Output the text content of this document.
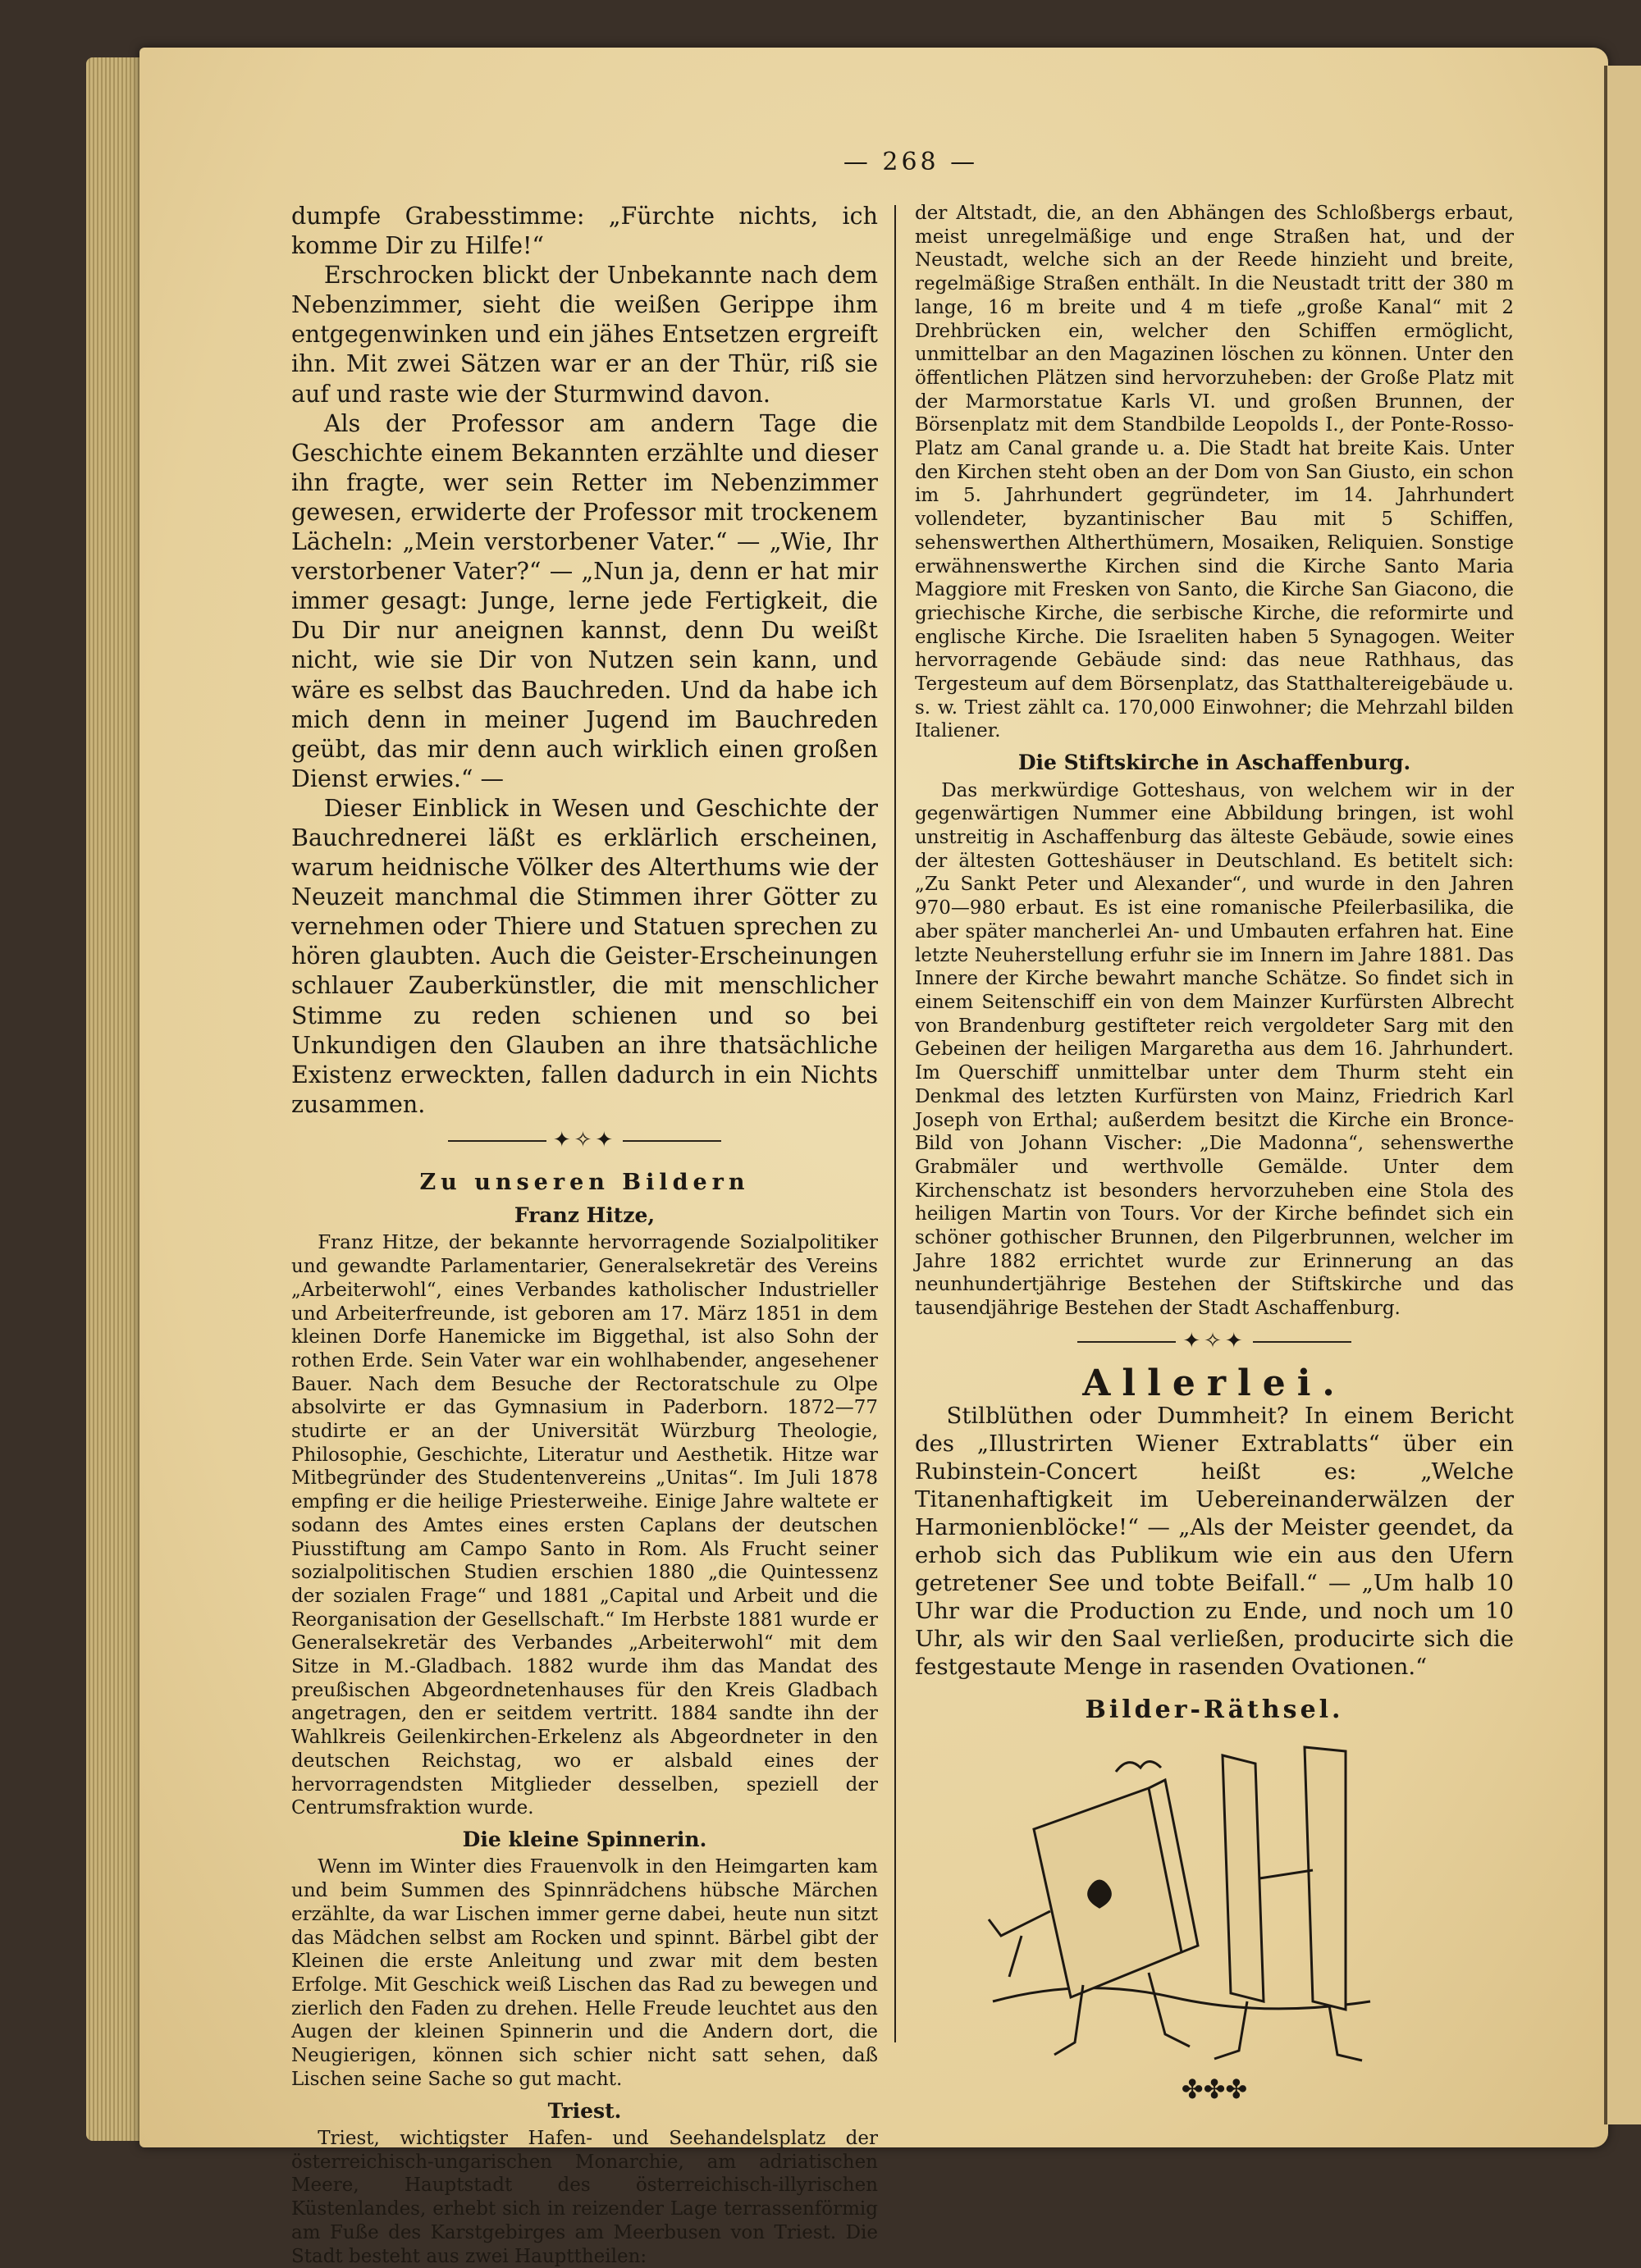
— 268 —

dumpfe Grabesstimme: „Fürchte nichts, ich komme Dir zu Hilfe!“

Erschrocken blickt der Unbekannte nach dem Nebenzimmer, sieht die weißen Gerippe ihm entgegenwinken und ein jähes Entsetzen ergreift ihn. Mit zwei Sätzen war er an der Thür, riß sie auf und raste wie der Sturmwind davon.

Als der Professor am andern Tage die Geschichte einem Bekannten erzählte und dieser ihn fragte, wer sein Retter im Nebenzimmer gewesen, erwiderte der Professor mit trockenem Lächeln: „Mein verstorbener Vater.“ — „Wie, Ihr verstorbener Vater?“ — „Nun ja, denn er hat mir immer gesagt: Junge, lerne jede Fertigkeit, die Du Dir nur aneignen kannst, denn Du weißt nicht, wie sie Dir von Nutzen sein kann, und wäre es selbst das Bauchreden. Und da habe ich mich denn in meiner Jugend im Bauchreden geübt, das mir denn auch wirklich einen großen Dienst erwies.“ —

Dieser Einblick in Wesen und Geschichte der Bauchrednerei läßt es erklärlich erscheinen, warum heidnische Völker des Alterthums wie der Neuzeit manchmal die Stimmen ihrer Götter zu vernehmen oder Thiere und Statuen sprechen zu hören glaubten. Auch die Geister-Erscheinungen schlauer Zauberkünstler, die mit menschlicher Stimme zu reden schienen und so bei Unkundigen den Glauben an ihre thatsächliche Existenz erweckten, fallen dadurch in ein Nichts zusammen.

✦✧✦
Zu unseren Bildern
Franz Hitze,

Franz Hitze, der bekannte hervorragende Sozialpolitiker und gewandte Parlamentarier, Generalsekretär des Vereins „Arbeiterwohl“, eines Verbandes katholischer Industrieller und Arbeiterfreunde, ist geboren am 17. März 1851 in dem kleinen Dorfe Hanemicke im Biggethal, ist also Sohn der rothen Erde. Sein Vater war ein wohlhabender, angesehener Bauer. Nach dem Besuche der Rectoratschule zu Olpe absolvirte er das Gymnasium in Paderborn. 1872—77 studirte er an der Universität Würzburg Theologie, Philosophie, Geschichte, Literatur und Aesthetik. Hitze war Mitbegründer des Studentenvereins „Unitas“. Im Juli 1878 empfing er die heilige Priesterweihe. Einige Jahre waltete er sodann des Amtes eines ersten Caplans der deutschen Piusstiftung am Campo Santo in Rom. Als Frucht seiner sozialpolitischen Studien erschien 1880 „die Quintessenz der sozialen Frage“ und 1881 „Capital und Arbeit und die Reorganisation der Gesellschaft.“ Im Herbste 1881 wurde er Generalsekretär des Verbandes „Arbeiterwohl“ mit dem Sitze in M.-Gladbach. 1882 wurde ihm das Mandat des preußischen Abgeordnetenhauses für den Kreis Gladbach angetragen, den er seitdem vertritt. 1884 sandte ihn der Wahlkreis Geilenkirchen-Erkelenz als Abgeordneter in den deutschen Reichstag, wo er alsbald eines der hervorragendsten Mitglieder desselben, speziell der Centrumsfraktion wurde.

Die kleine Spinnerin.

Wenn im Winter dies Frauenvolk in den Heimgarten kam und beim Summen des Spinnrädchens hübsche Märchen erzählte, da war Lischen immer gerne dabei, heute nun sitzt das Mädchen selbst am Rocken und spinnt. Bärbel gibt der Kleinen die erste Anleitung und zwar mit dem besten Erfolge. Mit Geschick weiß Lischen das Rad zu bewegen und zierlich den Faden zu drehen. Helle Freude leuchtet aus den Augen der kleinen Spinnerin und die Andern dort, die Neugierigen, können sich schier nicht satt sehen, daß Lischen seine Sache so gut macht.

Triest.

Triest, wichtigster Hafen- und Seehandelsplatz der österreichisch-ungarischen Monarchie, am adriatischen Meere, Hauptstadt des österreichisch-illyrischen Küstenlandes, erhebt sich in reizender Lage terrassenförmig am Fuße des Karstgebirges am Meerbusen von Triest. Die Stadt besteht aus zwei Haupttheilen:

der Altstadt, die, an den Abhängen des Schloßbergs erbaut, meist unregelmäßige und enge Straßen hat, und der Neustadt, welche sich an der Reede hinzieht und breite, regelmäßige Straßen enthält. In die Neustadt tritt der 380 m lange, 16 m breite und 4 m tiefe „große Kanal“ mit 2 Drehbrücken ein, welcher den Schiffen ermöglicht, unmittelbar an den Magazinen löschen zu können. Unter den öffentlichen Plätzen sind hervorzuheben: der Große Platz mit der Marmorstatue Karls VI. und großen Brunnen, der Börsenplatz mit dem Standbilde Leopolds I., der Ponte-Rosso-Platz am Canal grande u. a. Die Stadt hat breite Kais. Unter den Kirchen steht oben an der Dom von San Giusto, ein schon im 5. Jahrhundert gegründeter, im 14. Jahrhundert vollendeter, byzantinischer Bau mit 5 Schiffen, sehenswerthen Altherthümern, Mosaiken, Reliquien. Sonstige erwähnenswerthe Kirchen sind die Kirche Santo Maria Maggiore mit Fresken von Santo, die Kirche San Giacono, die griechische Kirche, die serbische Kirche, die reformirte und englische Kirche. Die Israeliten haben 5 Synagogen. Weiter hervorragende Gebäude sind: das neue Rathhaus, das Tergesteum auf dem Börsenplatz, das Statthaltereigebäude u. s. w. Triest zählt ca. 170,000 Einwohner; die Mehrzahl bilden Italiener.

Die Stiftskirche in Aschaffenburg.

Das merkwürdige Gotteshaus, von welchem wir in der gegenwärtigen Nummer eine Abbildung bringen, ist wohl unstreitig in Aschaffenburg das älteste Gebäude, sowie eines der ältesten Gotteshäuser in Deutschland. Es betitelt sich: „Zu Sankt Peter und Alexander“, und wurde in den Jahren 970—980 erbaut. Es ist eine romanische Pfeilerbasilika, die aber später mancherlei An- und Umbauten erfahren hat. Eine letzte Neuherstellung erfuhr sie im Innern im Jahre 1881. Das Innere der Kirche bewahrt manche Schätze. So findet sich in einem Seitenschiff ein von dem Mainzer Kurfürsten Albrecht von Brandenburg gestifteter reich vergoldeter Sarg mit den Gebeinen der heiligen Margaretha aus dem 16. Jahrhundert. Im Querschiff unmittelbar unter dem Thurm steht ein Denkmal des letzten Kurfürsten von Mainz, Friedrich Karl Joseph von Erthal; außerdem besitzt die Kirche ein Bronce-Bild von Johann Vischer: „Die Madonna“, sehenswerthe Grabmäler und werthvolle Gemälde. Unter dem Kirchenschatz ist besonders hervorzuheben eine Stola des heiligen Martin von Tours. Vor der Kirche befindet sich ein schöner gothischer Brunnen, den Pilgerbrunnen, welcher im Jahre 1882 errichtet wurde zur Erinnerung an das neunhundertjährige Bestehen der Stiftskirche und das tausendjährige Bestehen der Stadt Aschaffenburg.

✦✧✦
Allerlei.

Stilblüthen oder Dummheit? In einem Bericht des „Illustrirten Wiener Extrablatts“ über ein Rubinstein-Concert heißt es: „Welche Titanenhaftigkeit im Uebereinanderwälzen der Harmonienblöcke!“ — „Als der Meister geendet, da erhob sich das Publikum wie ein aus den Ufern getretener See und tobte Beifall.“ — „Um halb 10 Uhr war die Production zu Ende, und noch um 10 Uhr, als wir den Saal verließen, producirte sich die festgestaute Menge in rasenden Ovationen.“

Bilder-Räthsel.
✤✤✤
